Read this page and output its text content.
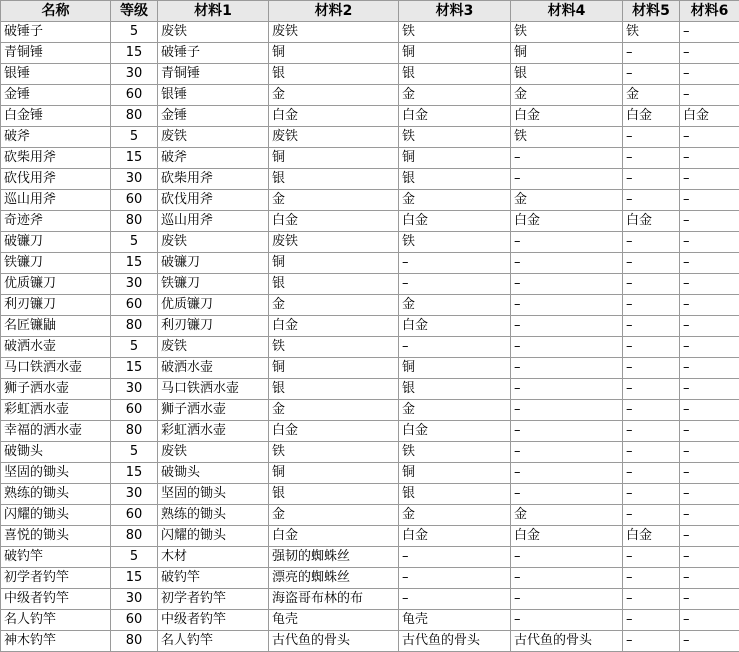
名称	等级	材料1	材料2	材料3	材料4	材料5	材料6
破锤子	5	废铁	废铁	铁	铁	铁	–
青铜锤	15	破锤子	铜	铜	铜	–	–
银锤	30	青铜锤	银	银	银	–	–
金锤	60	银锤	金	金	金	金	–
白金锤	80	金锤	白金	白金	白金	白金	白金
破斧	5	废铁	废铁	铁	铁	–	–
砍柴用斧	15	破斧	铜	铜	–	–	–
砍伐用斧	30	砍柴用斧	银	银	–	–	–
巡山用斧	60	砍伐用斧	金	金	金	–	–
奇迹斧	80	巡山用斧	白金	白金	白金	白金	–
破镰刀	5	废铁	废铁	铁	–	–	–
铁镰刀	15	破镰刀	铜	–	–	–	–
优质镰刀	30	铁镰刀	银	–	–	–	–
利刃镰刀	60	优质镰刀	金	金	–	–	–
名匠镰鼬	80	利刃镰刀	白金	白金	–	–	–
破洒水壶	5	废铁	铁	–	–	–	–
马口铁洒水壶	15	破洒水壶	铜	铜	–	–	–
狮子洒水壶	30	马口铁洒水壶	银	银	–	–	–
彩虹洒水壶	60	狮子洒水壶	金	金	–	–	–
幸福的洒水壶	80	彩虹洒水壶	白金	白金	–	–	–
破锄头	5	废铁	铁	铁	–	–	–
坚固的锄头	15	破锄头	铜	铜	–	–	–
熟练的锄头	30	坚固的锄头	银	银	–	–	–
闪耀的锄头	60	熟练的锄头	金	金	金	–	–
喜悦的锄头	80	闪耀的锄头	白金	白金	白金	白金	–
破钓竿	5	木材	强韧的蜘蛛丝	–	–	–	–
初学者钓竿	15	破钓竿	漂亮的蜘蛛丝	–	–	–	–
中级者钓竿	30	初学者钓竿	海盗哥布林的布	–	–	–	–
名人钓竿	60	中级者钓竿	龟壳	龟壳	–	–	–
神木钓竿	80	名人钓竿	古代鱼的骨头	古代鱼的骨头	古代鱼的骨头	–	–
